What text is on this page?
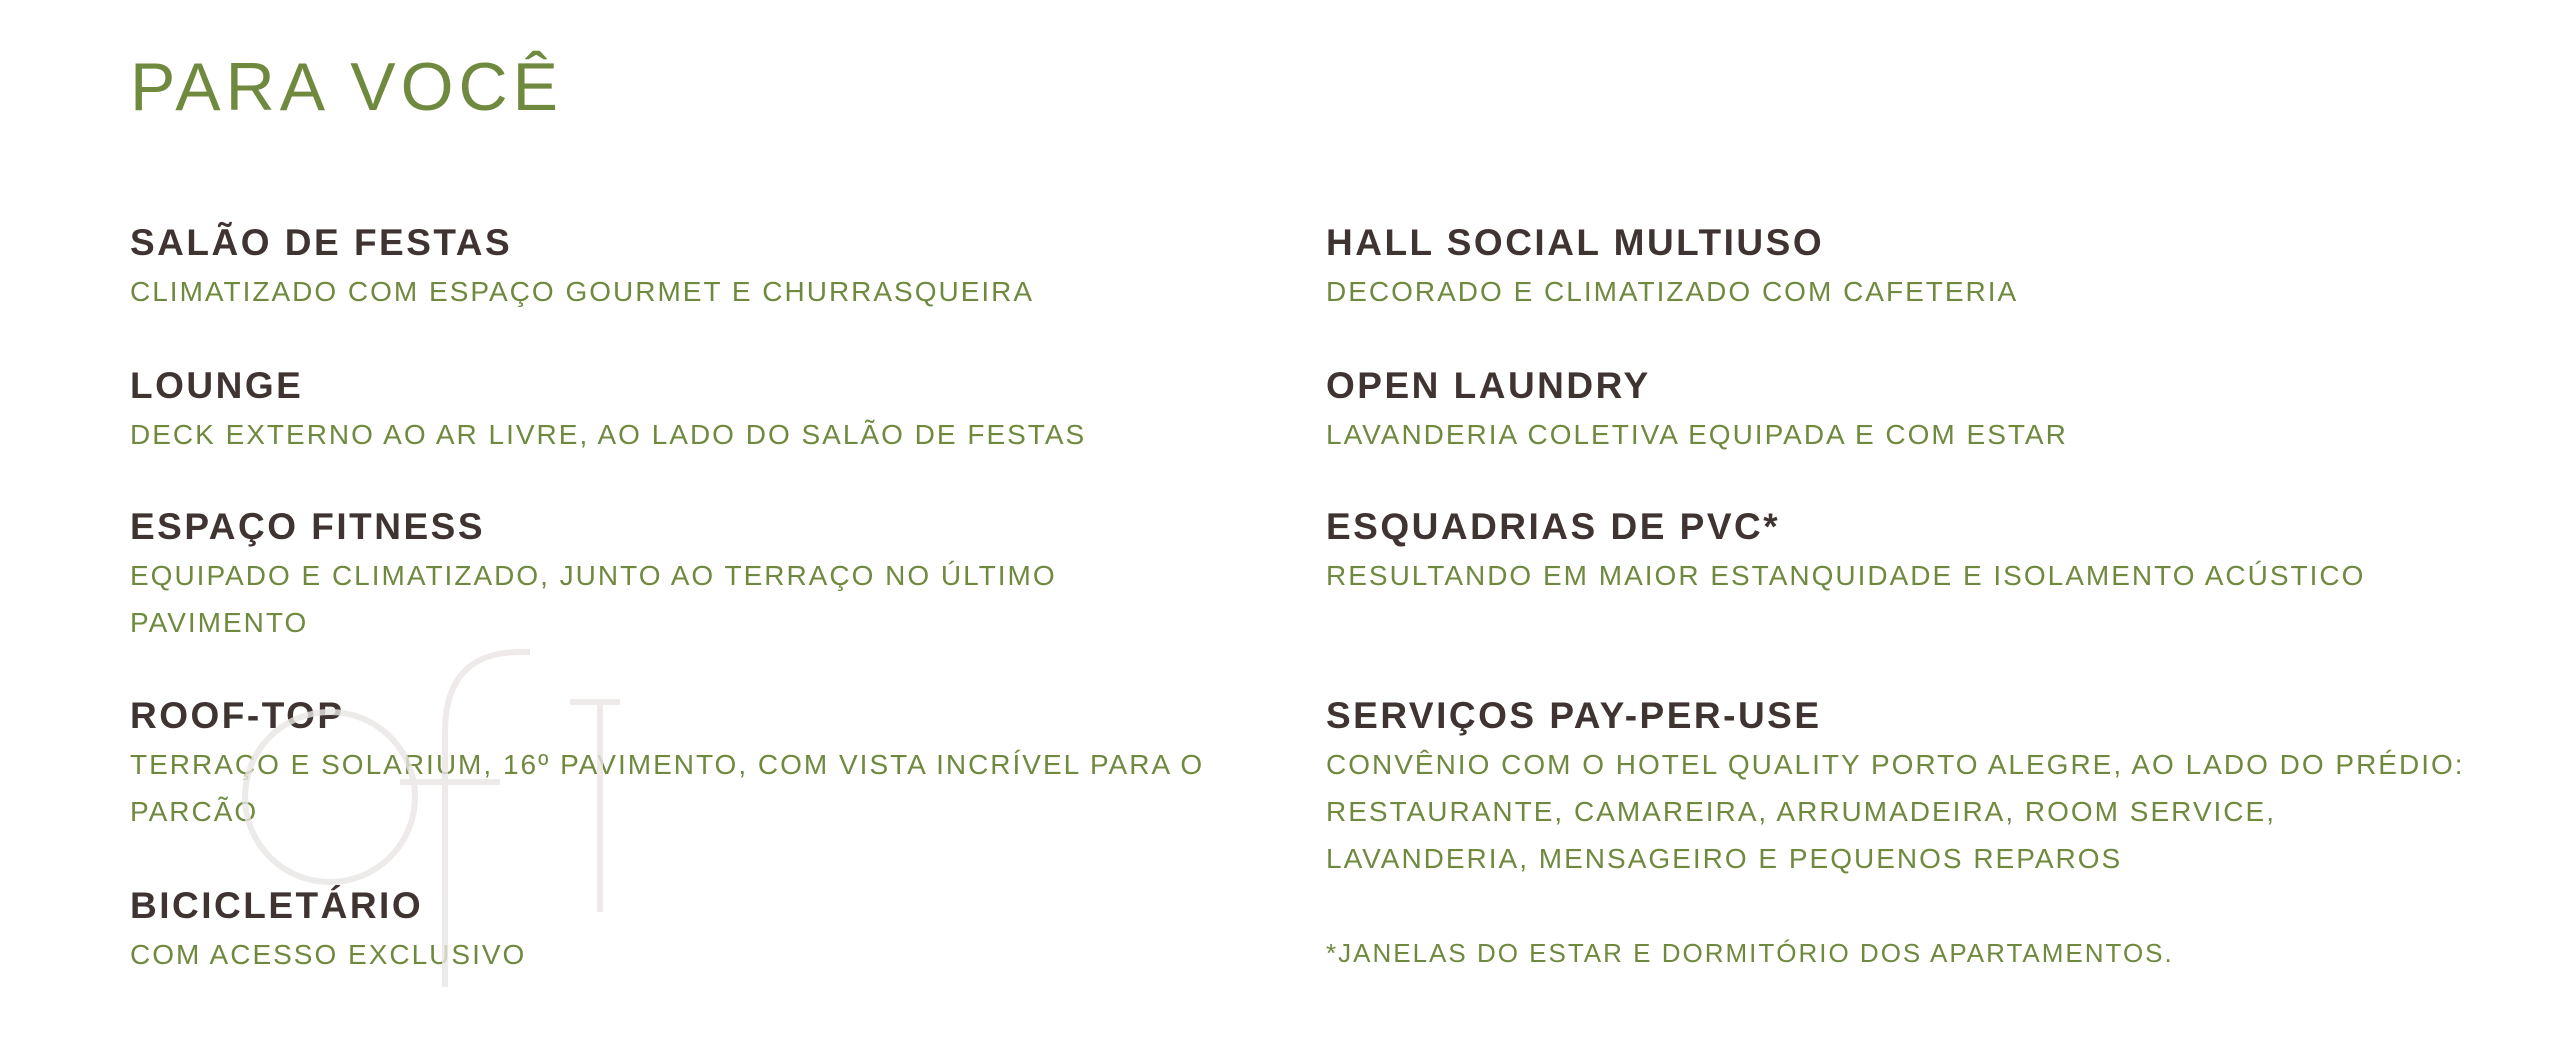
PARA VOCÊ

SALÃO DE FESTAS

CLIMATIZADO COM ESPAÇO GOURMET E CHURRASQUEIRA

LOUNGE

DECK EXTERNO AO AR LIVRE, AO LADO DO SALÃO DE FESTAS

ESPAÇO FITNESS

EQUIPADO E CLIMATIZADO, JUNTO AO TERRAÇO NO ÚLTIMO PAVIMENTO

ROOF-TOP

TERRAÇO E SOLARIUM, 16º PAVIMENTO, COM VISTA INCRÍVEL PARA O PARCÃO

BICICLETÁRIO

COM ACESSO EXCLUSIVO

HALL SOCIAL MULTIUSO

DECORADO E CLIMATIZADO COM CAFETERIA

OPEN LAUNDRY

LAVANDERIA COLETIVA EQUIPADA E COM ESTAR

ESQUADRIAS DE PVC*

RESULTANDO EM MAIOR ESTANQUIDADE E ISOLAMENTO ACÚSTICO

SERVIÇOS PAY-PER-USE

CONVÊNIO COM O HOTEL QUALITY PORTO ALEGRE, AO LADO DO PRÉDIO: RESTAURANTE, CAMAREIRA, ARRUMADEIRA, ROOM SERVICE, LAVANDERIA, MENSAGEIRO E PEQUENOS REPAROS

*JANELAS DO ESTAR E DORMITÓRIO DOS APARTAMENTOS.
